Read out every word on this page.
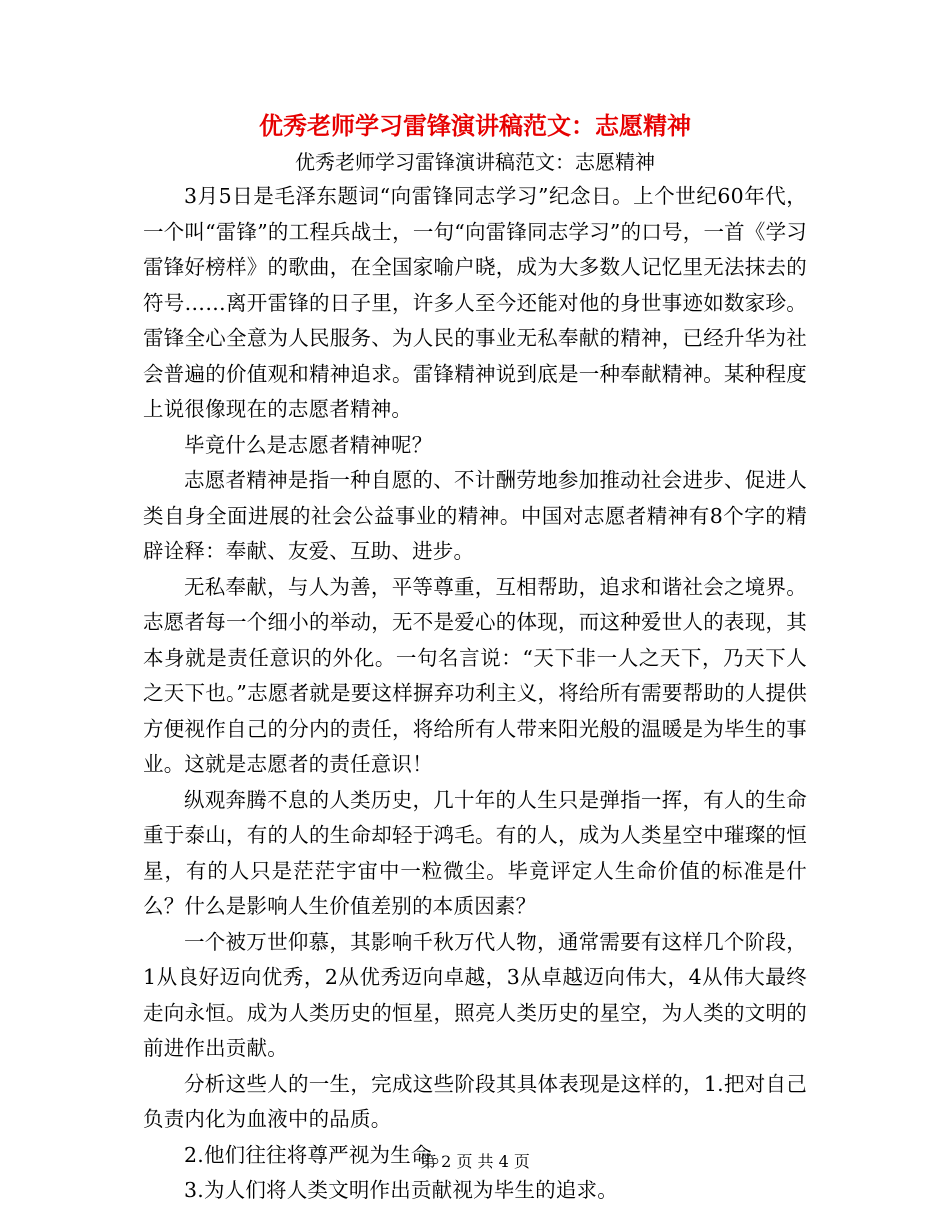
优秀老师学习雷锋演讲稿范文：志愿精神

优秀老师学习雷锋演讲稿范文：志愿精神

3月5日是毛泽东题词“向雷锋同志学习”纪念日。上个世纪60年代，一个叫“雷锋”的工程兵战士，一句“向雷锋同志学习”的口号，一首《学习雷锋好榜样》的歌曲，在全国家喻户晓，成为大多数人记忆里无法抹去的符号……离开雷锋的日子里，许多人至今还能对他的身世事迹如数家珍。雷锋全心全意为人民服务、为人民的事业无私奉献的精神，已经升华为社会普遍的价值观和精神追求。雷锋精神说到底是一种奉献精神。某种程度上说很像现在的志愿者精神。

毕竟什么是志愿者精神呢？

志愿者精神是指一种自愿的、不计酬劳地参加推动社会进步、促进人类自身全面进展的社会公益事业的精神。中国对志愿者精神有8个字的精辟诠释：奉献、友爱、互助、进步。

无私奉献，与人为善，平等尊重，互相帮助，追求和谐社会之境界。志愿者每一个细小的举动，无不是爱心的体现，而这种爱世人的表现，其本身就是责任意识的外化。一句名言说：“天下非一人之天下，乃天下人之天下也。”志愿者就是要这样摒弃功利主义，将给所有需要帮助的人提供方便视作自己的分内的责任，将给所有人带来阳光般的温暖是为毕生的事业。这就是志愿者的责任意识！

纵观奔腾不息的人类历史，几十年的人生只是弹指一挥，有人的生命重于泰山，有的人的生命却轻于鸿毛。有的人，成为人类星空中璀璨的恒星，有的人只是茫茫宇宙中一粒微尘。毕竟评定人生命价值的标准是什么？什么是影响人生价值差别的本质因素？

一个被万世仰慕，其影响千秋万代人物，通常需要有这样几个阶段，1从良好迈向优秀，2从优秀迈向卓越，3从卓越迈向伟大，4从伟大最终走向永恒。成为人类历史的恒星，照亮人类历史的星空，为人类的文明的前进作出贡献。

分析这些人的一生，完成这些阶段其具体表现是这样的，1.把对自己负责内化为血液中的品质。

2.他们往往将尊严视为生命。

3.为人们将人类文明作出贡献视为毕生的追求。

第 2 页 共 4 页
